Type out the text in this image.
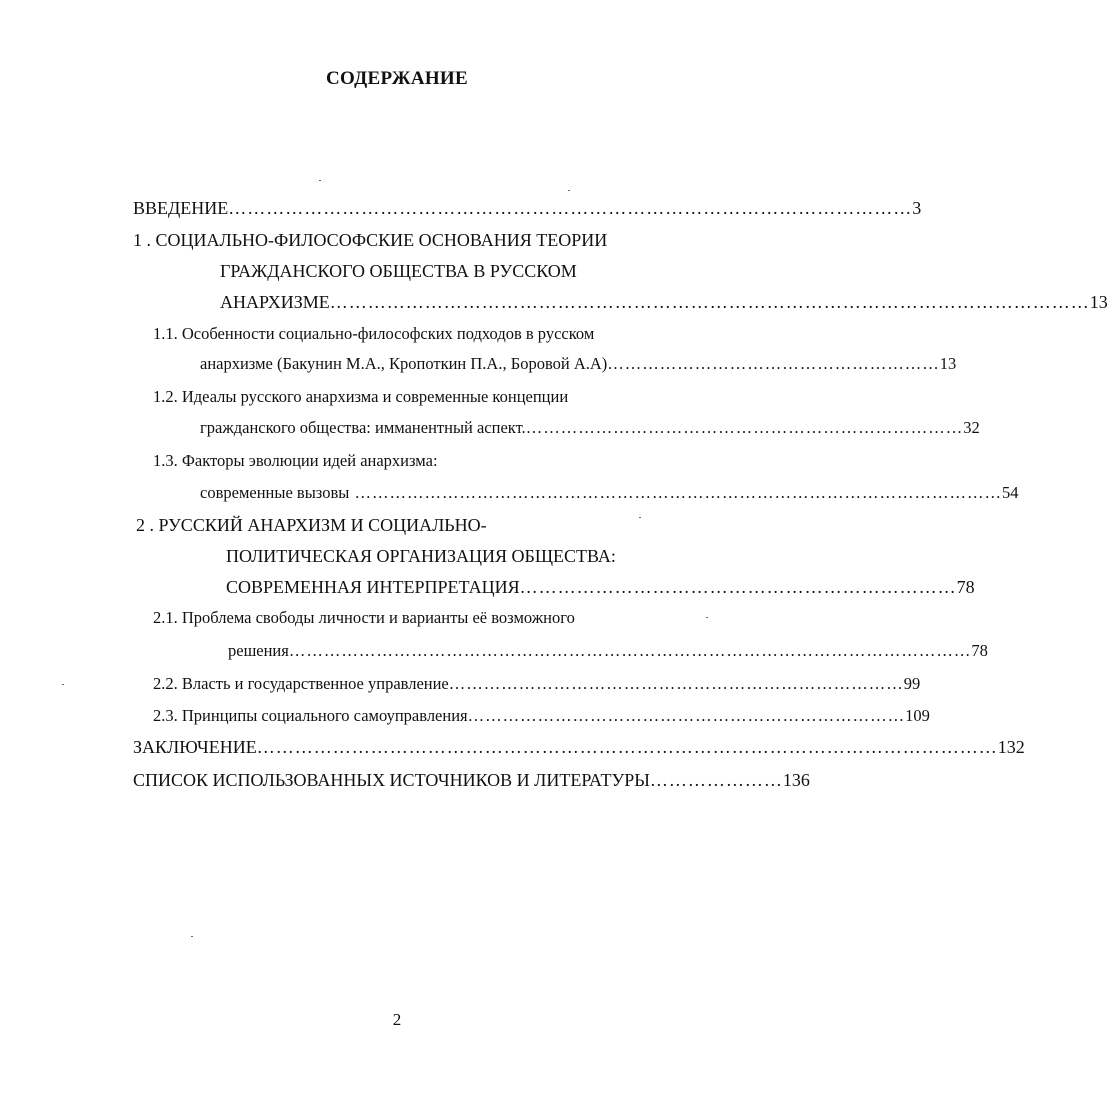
СОДЕРЖАНИЕ
ВВЕДЕНИЕ ……………………………………………………………………………………………… 3
1 . СОЦИАЛЬНО-ФИЛОСОФСКИЕ ОСНОВАНИЯ ТЕОРИИ
ГРАЖДАНСКОГО ОБЩЕСТВА В РУССКОМ
АНАРХИЗМЕ ………………………………………………………………………………………………………… 13
1.1. Особенности социально-философских подходов в русском
анархизме (Бакунин М.А., Кропоткин П.А., Боровой А.А) ………………………………………………… 13
1.2. Идеалы русского анархизма и современные концепции
гражданского общества: имманентный аспект. ………………………………………………………………… 32
1.3. Факторы эволюции идей анархизма:
современные вызовы ………………………………………………………………………………………………… 54
2 . РУССКИЙ АНАРХИЗМ И СОЦИАЛЬНО-
ПОЛИТИЧЕСКАЯ ОРГАНИЗАЦИЯ ОБЩЕСТВА:
СОВРЕМЕННАЯ ИНТЕРПРЕТАЦИЯ …………………………………………………………… 78
2.1. Проблема свободы личности и варианты её возможного
решения ……………………………………………………………………………………………………… 78
2.2. Власть и государственное управление …………………………………………………………………… 99
2.3. Принципы социального самоуправления ………………………………………………………………… 109
ЗАКЛЮЧЕНИЕ ……………………………………………………………………………………………………… 132
СПИСОК ИСПОЛЬЗОВАННЫХ ИСТОЧНИКОВ И ЛИТЕРАТУРЫ ………………… 136
2
